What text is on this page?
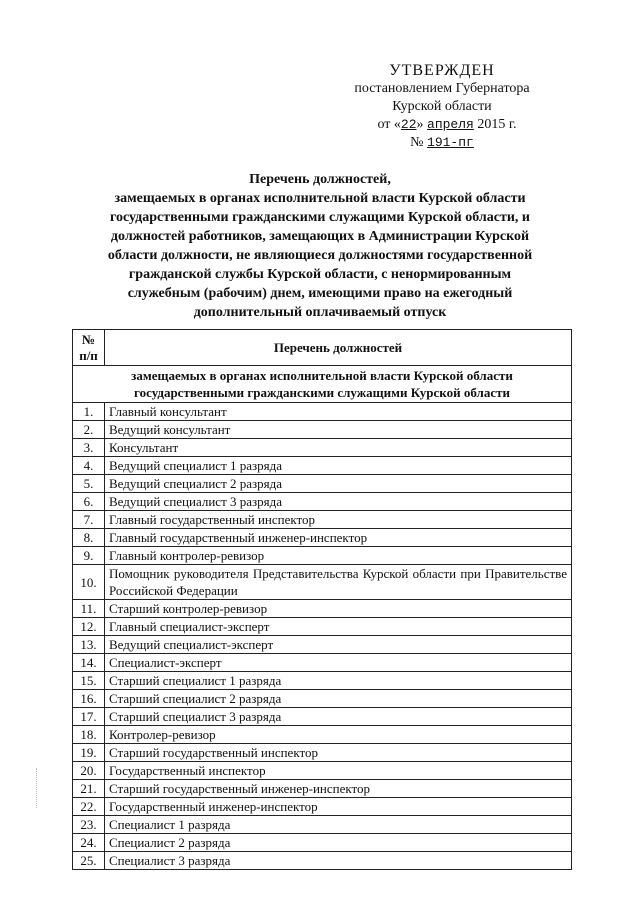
УТВЕРЖДЕН
постановлением Губернатора
Курской области
от «22» апреля 2015 г.
№ 191-пг
Перечень должностей,
замещаемых в органах исполнительной власти Курской области
государственными гражданскими служащими Курской области, и
должностей работников, замещающих в Администрации Курской
области должности, не являющиеся должностями государственной
гражданской службы Курской области, с ненормированным
служебным (рабочим) днем, имеющими право на ежегодный
дополнительный оплачиваемый отпуск
№
п/п	Перечень должностей

замещаемых в органах исполнительной власти Курской области
государственными гражданскими служащими Курской области	

1.	Главный консультант
2.	Ведущий консультант
3.	Консультант
4.	Ведущий специалист 1 разряда
5.	Ведущий специалист 2 разряда
6.	Ведущий специалист 3 разряда
7.	Главный государственный инспектор
8.	Главный государственный инженер-инспектор
9.	Главный контролер-ревизор
10.	Помощник руководителя Представительства Курской области при Правительстве Российской Федерации
11.	Старший контролер-ревизор
12.	Главный специалист-эксперт
13.	Ведущий специалист-эксперт
14.	Специалист-эксперт
15.	Старший специалист 1 разряда
16.	Старший специалист 2 разряда
17.	Старший специалист 3 разряда
18.	Контролер-ревизор
19.	Старший государственный инспектор
20.	Государственный инспектор
21.	Старший государственный инженер-инспектор
22.	Государственный инженер-инспектор
23.	Специалист 1 разряда
24.	Специалист 2 разряда
25.	Специалист 3 разряда
